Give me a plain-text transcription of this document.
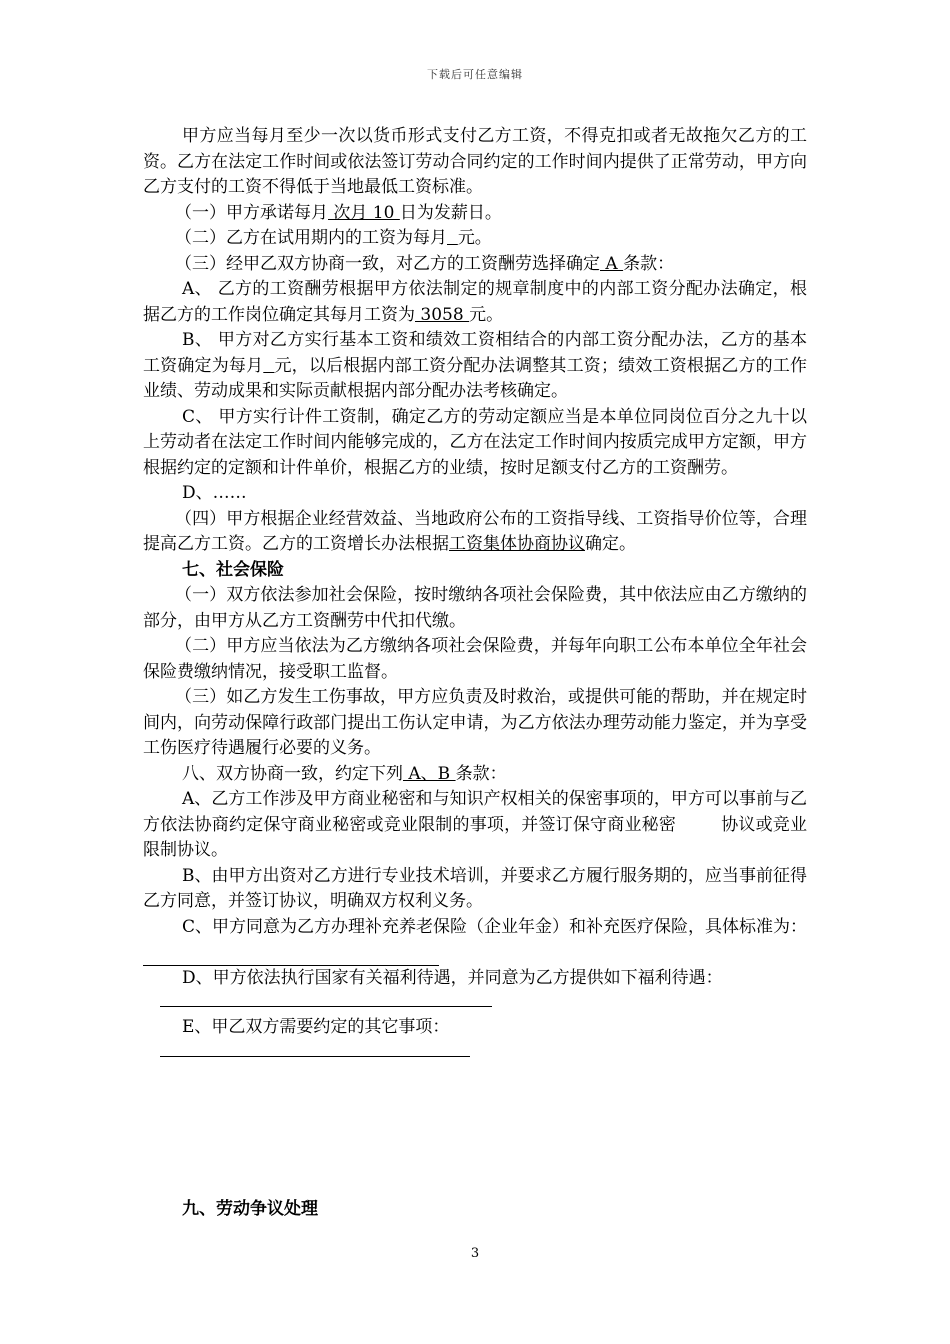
下载后可任意编辑

甲方应当每月至少一次以货币形式支付乙方工资，不得克扣或者无故拖欠乙方的工资。乙方在法定工作时间或依法签订劳动合同约定的工作时间内提供了正常劳动，甲方向乙方支付的工资不得低于当地最低工资标准。

（一）甲方承诺每月 次月 10 日为发薪日。

（二）乙方在试用期内的工资为每月 元。

（三）经甲乙双方协商一致，对乙方的工资酬劳选择确定 A 条款：

A、 乙方的工资酬劳根据甲方依法制定的规章制度中的内部工资分配办法确定，根据乙方的工作岗位确定其每月工资为 3058 元。

B、 甲方对乙方实行基本工资和绩效工资相结合的内部工资分配办法，乙方的基本工资确定为每月 元，以后根据内部工资分配办法调整其工资；绩效工资根据乙方的工作业绩、劳动成果和实际贡献根据内部分配办法考核确定。

C、 甲方实行计件工资制，确定乙方的劳动定额应当是本单位同岗位百分之九十以上劳动者在法定工作时间内能够完成的，乙方在法定工作时间内按质完成甲方定额，甲方根据约定的定额和计件单价，根据乙方的业绩，按时足额支付乙方的工资酬劳。

D、……

（四）甲方根据企业经营效益、当地政府公布的工资指导线、工资指导价位等，合理提高乙方工资。乙方的工资增长办法根据工资集体协商协议确定。

七、社会保险

（一）双方依法参加社会保险，按时缴纳各项社会保险费，其中依法应由乙方缴纳的部分，由甲方从乙方工资酬劳中代扣代缴。

（二）甲方应当依法为乙方缴纳各项社会保险费，并每年向职工公布本单位全年社会保险费缴纳情况，接受职工监督。

（三）如乙方发生工伤事故，甲方应负责及时救治，或提供可能的帮助，并在规定时间内，向劳动保障行政部门提出工伤认定申请，为乙方依法办理劳动能力鉴定，并为享受工伤医疗待遇履行必要的义务。

八、双方协商一致，约定下列 A、B 条款：

A、乙方工作涉及甲方商业秘密和与知识产权相关的保密事项的，甲方可以事前与乙方依法协商约定保守商业秘密或竞业限制的事项，并签订保守商业秘密	协议或竞业限制协议。

B、由甲方出资对乙方进行专业技术培训，并要求乙方履行服务期的，应当事前征得乙方同意，并签订协议，明确双方权利义务。

C、甲方同意为乙方办理补充养老保险（企业年金）和补充医疗保险，具体标准为：

D、甲方依法执行国家有关福利待遇，并同意为乙方提供如下福利待遇：

E、甲乙双方需要约定的其它事项：

九、劳动争议处理
3
